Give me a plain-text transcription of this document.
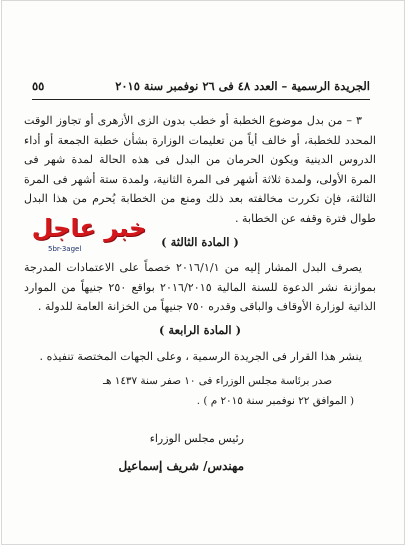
الجريدة الرسمية – العدد ٤٨ فى ٢٦ نوفمبر سنة ٢٠١٥
٥٥

٣ – من بدل موضوع الخطبة أو خطب بدون الزى الأزهرى أو تجاوز الوقت المحدد للخطبة، أو خالف أياً من تعليمات الوزارة بشأن خطبة الجمعة أو أداء الدروس الدينية ويكون الحرمان من البدل فى هذه الحالة لمدة شهر فى المرة الأولى، ولمدة ثلاثة أشهر فى المرة الثانية، ولمدة ستة أشهر فى المرة الثالثة، فإن تكررت مخالفته بعد ذلك ومنع من الخطابة يُحرم من هذا البدل طوال فترة وقفه عن الخطابة .

( المادة الثالثة )

يصرف البدل المشار إليه من ٢٠١٦/١/١ خصماً على الاعتمادات المدرجة بموازنة نشر الدعوة للسنة المالية ٢٠١٦/٢٠١٥ بواقع ٢٥٠ جنيهاً من الموارد الذاتية لوزارة الأوقاف والباقى وقدره ٧٥٠ جنيهاً من الخزانة العامة للدولة .

( المادة الرابعة )

ينشر هذا القرار فى الجريدة الرسمية ، وعلى الجهات المختصة تنفيذه .

صدر برئاسة مجلس الوزراء فى ١٠ صفر سنة ١٤٣٧ هـ
( الموافق ٢٢ نوفمبر سنة ٢٠١٥ م ) .
رئيس مجلس الوزراء
مهندس/ شريف إسماعيل
خبر عاجل
5br-3agel
